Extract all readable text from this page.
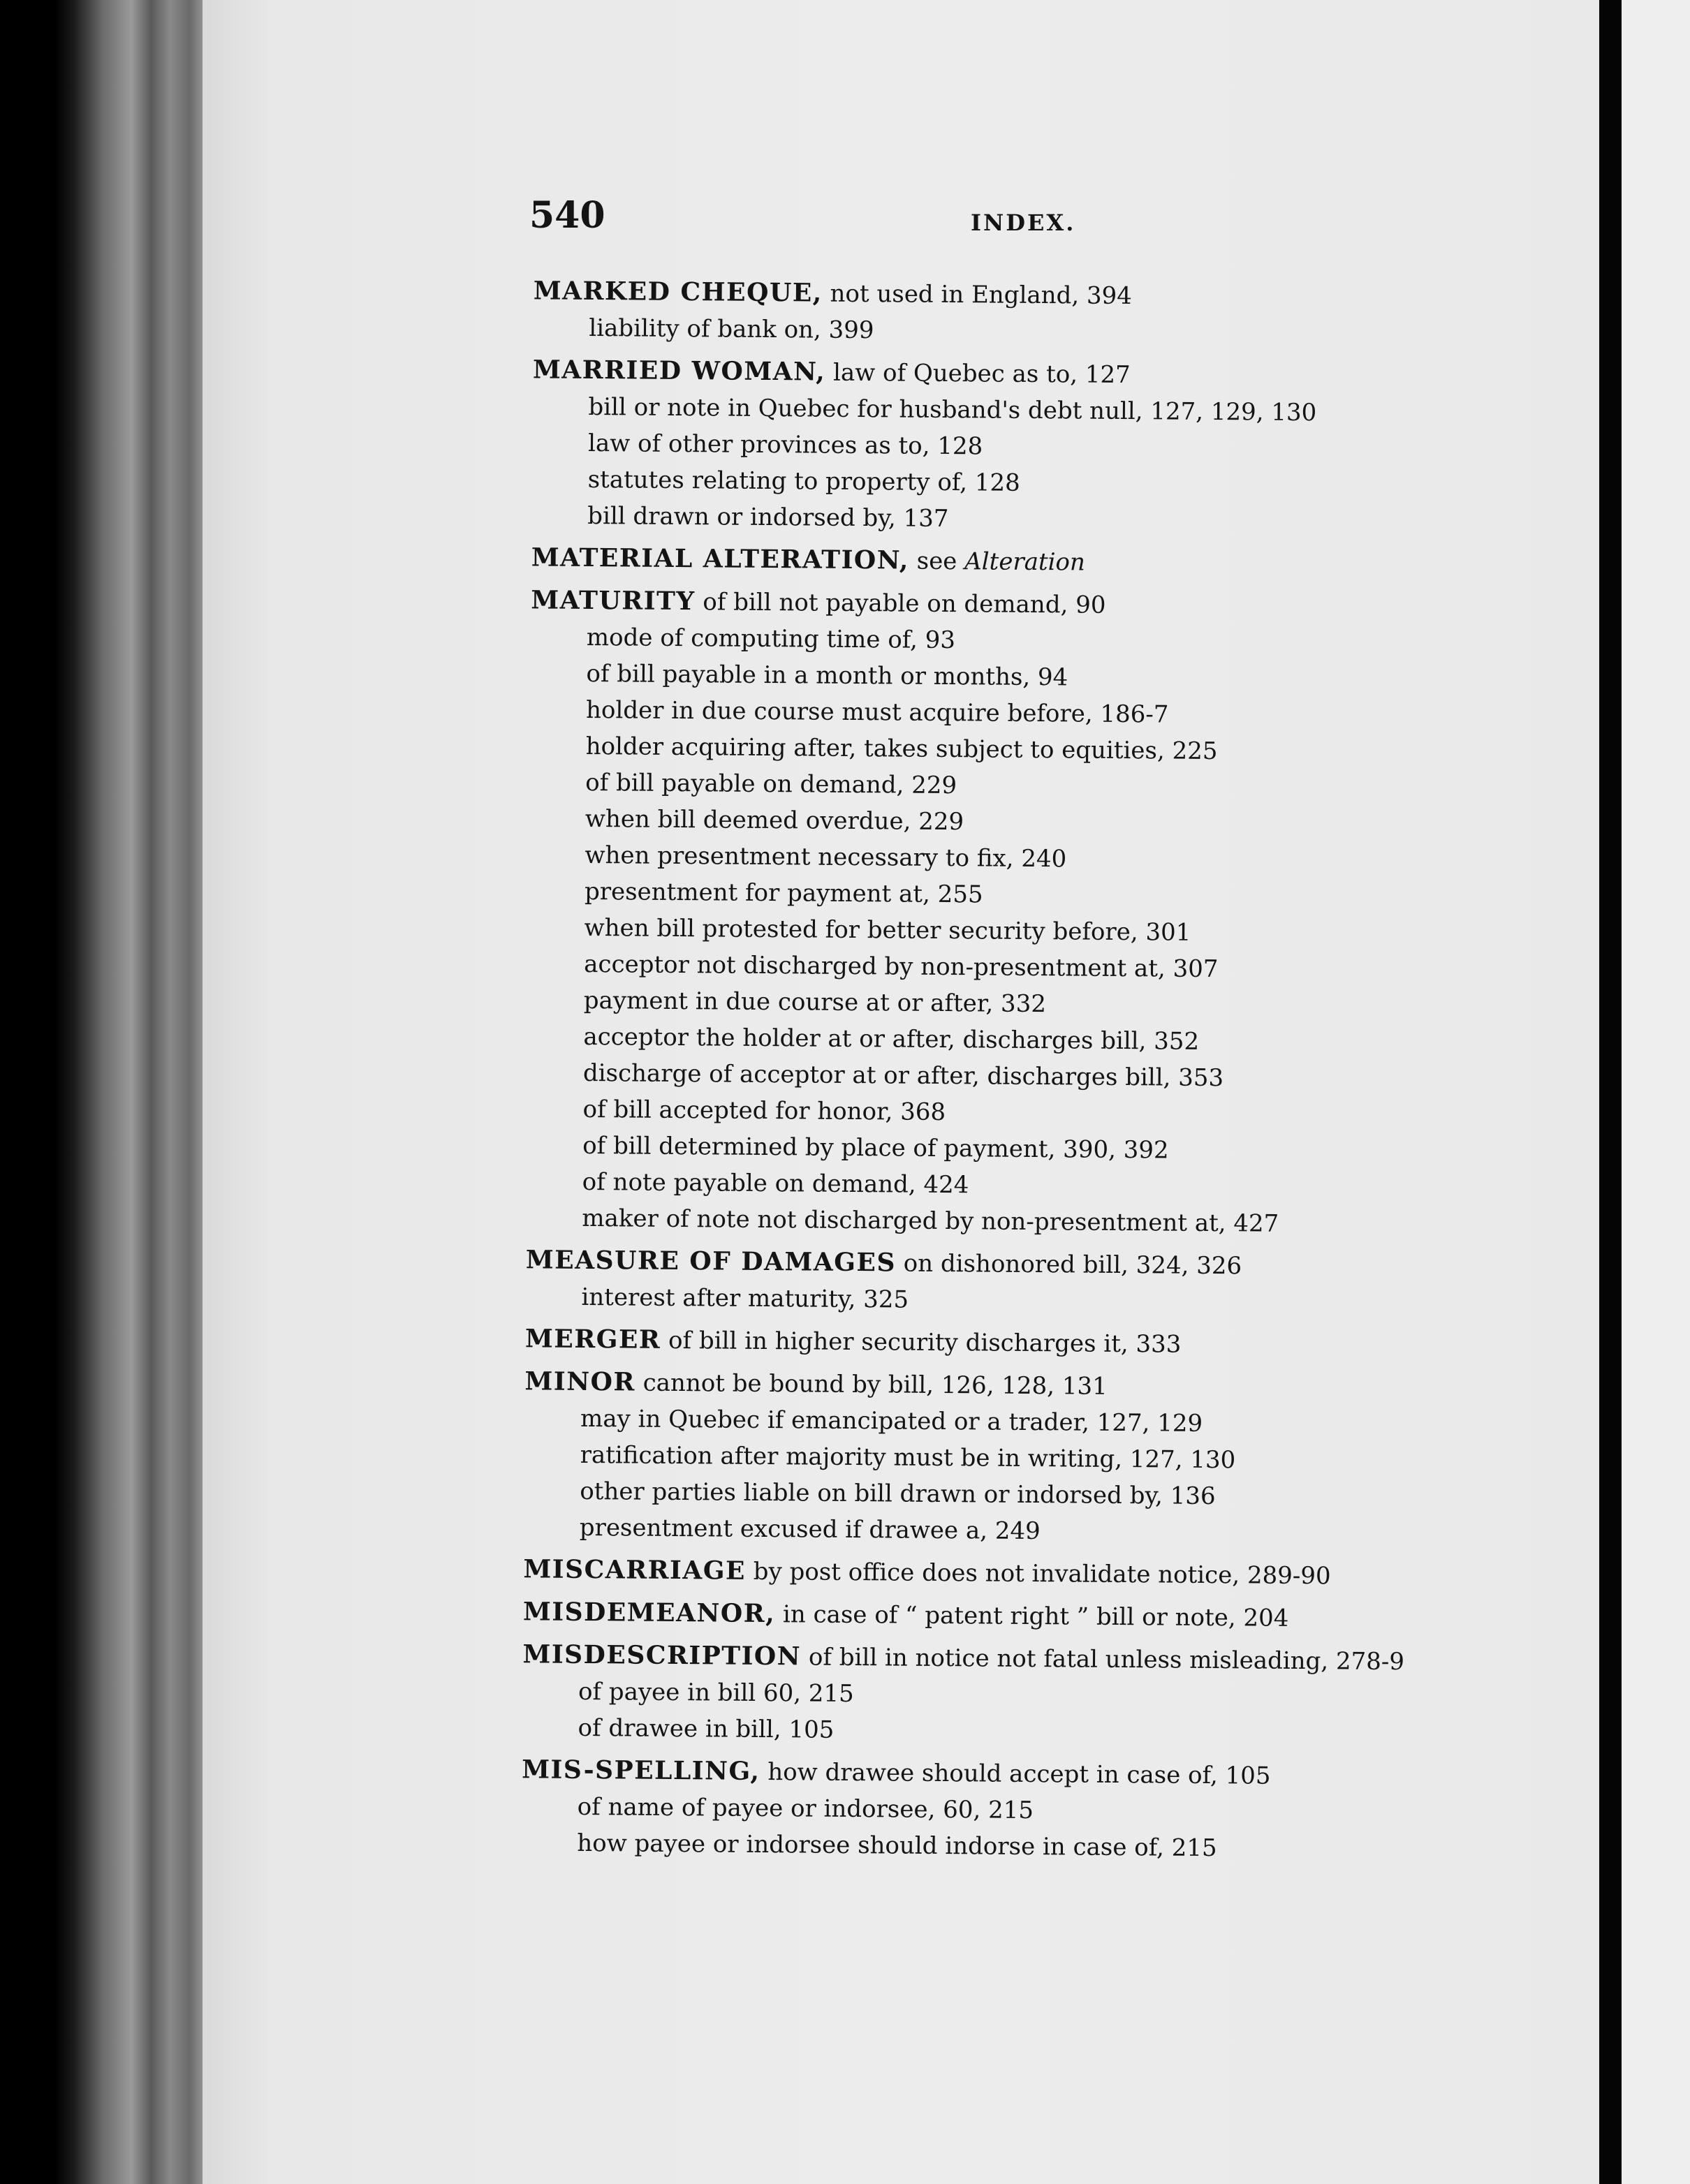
540	INDEX.
MARKED CHEQUE, not used in England, 394
liability of bank on, 399
MARRIED WOMAN, law of Quebec as to, 127
bill or note in Quebec for husband's debt null, 127, 129, 130
law of other provinces as to, 128
statutes relating to property of, 128
bill drawn or indorsed by, 137
MATERIAL ALTERATION, see Alteration
MATURITY of bill not payable on demand, 90
mode of computing time of, 93
of bill payable in a month or months, 94
holder in due course must acquire before, 186-7
holder acquiring after, takes subject to equities, 225
of bill payable on demand, 229
when bill deemed overdue, 229
when presentment necessary to fix, 240
presentment for payment at, 255
when bill protested for better security before, 301
acceptor not discharged by non-presentment at, 307
payment in due course at or after, 332
acceptor the holder at or after, discharges bill, 352
discharge of acceptor at or after, discharges bill, 353
of bill accepted for honor, 368
of bill determined by place of payment, 390, 392
of note payable on demand, 424
maker of note not discharged by non-presentment at, 427
MEASURE OF DAMAGES on dishonored bill, 324, 326
interest after maturity, 325
MERGER of bill in higher security discharges it, 333
MINOR cannot be bound by bill, 126, 128, 131
may in Quebec if emancipated or a trader, 127, 129
ratification after majority must be in writing, 127, 130
other parties liable on bill drawn or indorsed by, 136
presentment excused if drawee a, 249
MISCARRIAGE by post office does not invalidate notice, 289-90
MISDEMEANOR, in case of “ patent right ” bill or note, 204
MISDESCRIPTION of bill in notice not fatal unless misleading, 278-9
of payee in bill 60, 215
of drawee in bill, 105
MIS-SPELLING, how drawee should accept in case of, 105
of name of payee or indorsee, 60, 215
how payee or indorsee should indorse in case of, 215
